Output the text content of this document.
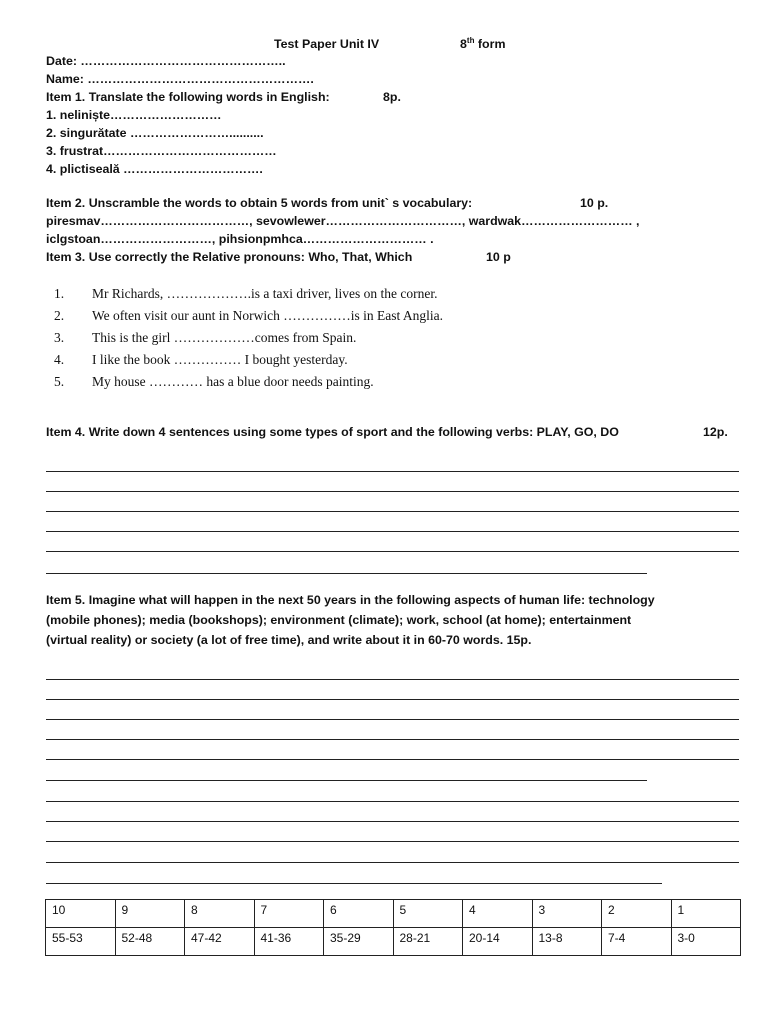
Test Paper Unit IV	8th form
Date: …………………………………………..
Name: ……………………………………………….
Item 1. Translate the following words in English:	8p.
1. neliniște………………………
2. singurătate ……………………..........
3. frustrat……………………………………
4. plictiseală …………………………….
Item 2. Unscramble the words to obtain 5 words from unit` s vocabulary:	10 p.
piresmav………………………………, sevowlewer……………………………, wardwak……………………… ,
iclgstoan………………………, pihsionpmhca………………………… .
Item 3. Use correctly the Relative pronouns: Who, That, Which	10 p
1. Mr Richards, ……………….is a taxi driver, lives on the corner.
2. We often visit our aunt in Norwich ……………is in East Anglia.
3. This is the girl ………………comes from Spain.
4. I like the book …………… I bought yesterday.
5. My house ………… has a blue door needs painting.
Item 4. Write down 4 sentences using some types of sport and the following verbs: PLAY, GO, DO	12p.
Item 5. Imagine what will happen in the next 50 years in the following aspects of human life: technology
(mobile phones); media (bookshops); environment (climate); work, school (at home); entertainment
(virtual reality) or society (a lot of free time), and write about it in 60-70 words. 15p.
10	9	8	7	6	5	4	3	2	1
55-53	52-48	47-42	41-36	35-29	28-21	20-14	13-8	7-4	3-0
